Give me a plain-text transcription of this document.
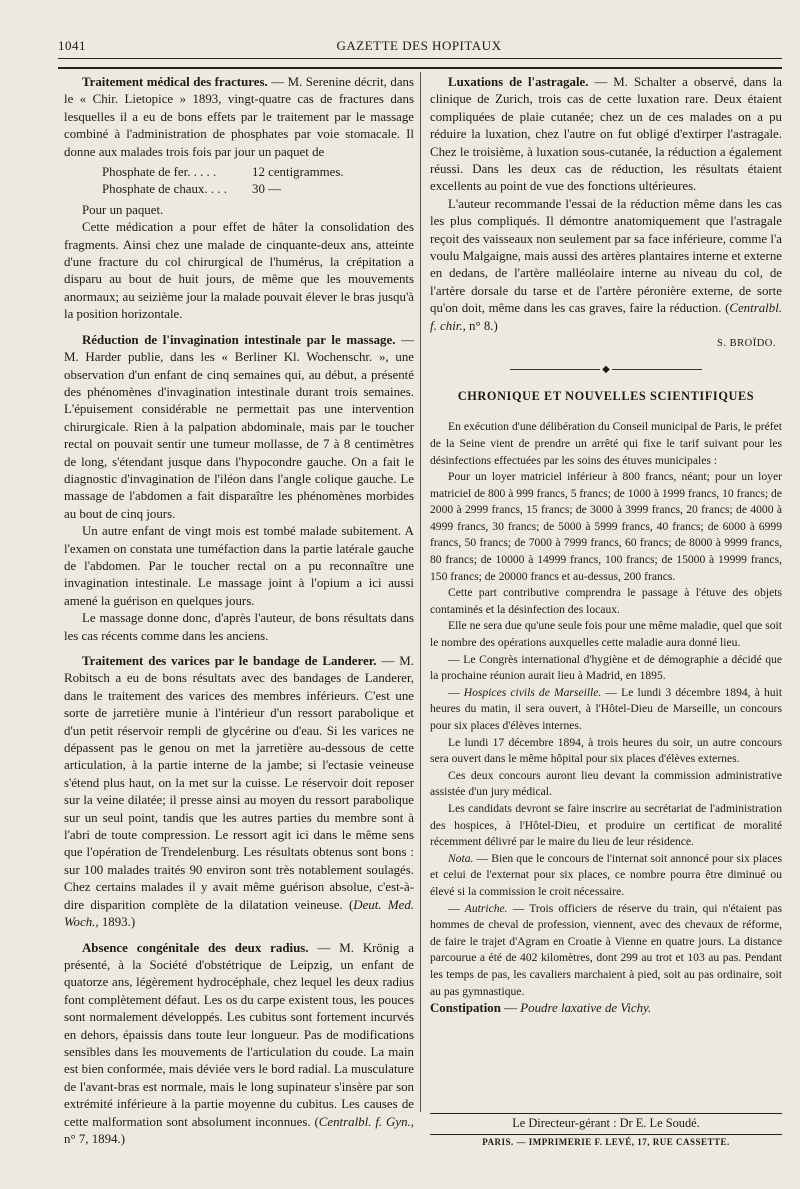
1041	GAZETTE DES HOPITAUX

Traitement médical des fractures. — M. Serenine décrit, dans le « Chir. Lietopice » 1893, vingt-quatre cas de fractures dans lesquelles il a eu de bons effets par le traitement par le massage combiné à l'administration de phosphates par voie stomacale. Il donne aux malades trois fois par jour un paquet de

Phosphate de fer. . . . .	12 centigrammes.
Phosphate de chaux. . . .	30 —

Pour un paquet.

Cette médication a pour effet de hâter la consolidation des fragments. Ainsi chez une malade de cinquante-deux ans, atteinte d'une fracture du col chirurgical de l'humérus, la crépitation a disparu au bout de huit jours, de même que les mouvements anormaux; au seizième jour la malade pouvait élever le bras jusqu'à la position horizontale.

Réduction de l'invagination intestinale par le massage. — M. Harder publie, dans les « Berliner Kl. Wochenschr. », une observation d'un enfant de cinq semaines qui, au début, a présenté des phénomènes d'invagination intestinale durant trois semaines. L'épuisement considérable ne permettait pas une intervention chirurgicale. Rien à la palpation abdominale, mais par le toucher rectal on pouvait sentir une tumeur mollasse, de 7 à 8 centimètres de long, s'étendant jusque dans l'hypocondre gauche. On a fait le diagnostic d'invagination de l'iléon dans l'angle colique gauche. Le massage de l'abdomen a fait disparaître les phénomènes morbides au bout de cinq jours.

Un autre enfant de vingt mois est tombé malade subitement. A l'examen on constata une tuméfaction dans la partie latérale gauche de l'abdomen. Par le toucher rectal on a pu reconnaître une invagination intestinale. Le massage joint à l'opium a ici aussi amené la guérison en quelques jours.

Le massage donne donc, d'après l'auteur, de bons résultats dans les cas récents comme dans les anciens.

Traitement des varices par le bandage de Landerer. — M. Robitsch a eu de bons résultats avec des bandages de Landerer, dans le traitement des varices des membres inférieurs. C'est une sorte de jarretière munie à l'intérieur d'un ressort parabolique et d'un petit réservoir rempli de glycérine ou d'eau. Si les varices ne dépassent pas le genou on met la jarretière au-dessous de cette articulation, à la partie interne de la jambe; si l'ectasie veineuse s'étend plus haut, on la met sur la cuisse. Le réservoir doit reposer sur la veine dilatée; il presse ainsi au moyen du ressort parabolique sur un seul point, tandis que les autres parties du membre sont à l'abri de toute compression. Le ressort agit ici dans le même sens que l'opération de Trendelenburg. Les résultats obtenus sont bons : sur 100 malades traités 90 environ sont très notablement soulagés. Chez certains malades il y avait même guérison absolue, c'est-à-dire disparition complète de la dilatation veineuse. (Deut. Med. Woch., 1893.)

Absence congénitale des deux radius. — M. Krönig a présenté, à la Société d'obstétrique de Leipzig, un enfant de quatorze ans, légèrement hydrocéphale, chez lequel les deux radius font complètement défaut. Les os du carpe existent tous, les pouces sont normalement développés. Les cubitus sont fortement incurvés en dehors, épaissis dans toute leur longueur. Pas de modifications sensibles dans les mouvements de l'articulation du coude. La main est bien conformée, mais déviée vers le bord radial. La musculature de l'avant-bras est normale, mais le long supinateur s'insère par son extrémité inférieure à la partie moyenne du cubitus. Les causes de cette malformation sont absolument inconnues. (Centralbl. f. Gyn., n° 7, 1894.)

Luxations de l'astragale. — M. Schalter a observé, dans la clinique de Zurich, trois cas de cette luxation rare. Deux étaient compliquées de plaie cutanée; chez un de ces malades on a pu réduire la luxation, chez l'autre on fut obligé d'extirper l'astragale. Chez le troisième, à luxation sous-cutanée, la réduction a également réussi. Dans les deux cas de réduction, les résultats étaient excellents au point de vue des fonctions ultérieures.

L'auteur recommande l'essai de la réduction même dans les cas les plus compliqués. Il démontre anatomiquement que l'astragale reçoit des vaisseaux non seulement par sa face inférieure, comme l'a voulu Malgaigne, mais aussi des artères plantaires interne et externe en dedans, de l'artère malléolaire interne au niveau du col, de l'artère dorsale du tarse et de l'artère péronière externe, de sorte qu'on doit, même dans les cas graves, faire la réduction. (Centralbl. f. chir., n° 8.)

S. BROÏDO.
◆
CHRONIQUE ET NOUVELLES SCIENTIFIQUES

En exécution d'une délibération du Conseil municipal de Paris, le préfet de la Seine vient de prendre un arrêté qui fixe le tarif suivant pour les désinfections effectuées par les soins des étuves municipales :

Pour un loyer matriciel inférieur à 800 francs, néant; pour un loyer matriciel de 800 à 999 francs, 5 francs; de 1000 à 1999 francs, 10 francs; de 2000 à 2999 francs, 15 francs; de 3000 à 3999 francs, 20 francs; de 4000 à 4999 francs, 30 francs; de 5000 à 5999 francs, 40 francs; de 6000 à 6999 francs, 50 francs; de 7000 à 7999 francs, 60 francs; de 8000 à 9999 francs, 80 francs; de 10000 à 14999 francs, 100 francs; de 15000 à 19999 francs, 150 francs; de 20000 francs et au-dessus, 200 francs.

Cette part contributive comprendra le passage à l'étuve des objets contaminés et la désinfection des locaux.

Elle ne sera due qu'une seule fois pour une même maladie, quel que soit le nombre des opérations auxquelles cette maladie aura donné lieu.

— Le Congrès international d'hygiène et de démographie a décidé que la prochaine réunion aurait lieu à Madrid, en 1895.

— Hospices civils de Marseille. — Le lundi 3 décembre 1894, à huit heures du matin, il sera ouvert, à l'Hôtel-Dieu de Marseille, un concours pour six places d'élèves internes.

Le lundi 17 décembre 1894, à trois heures du soir, un autre concours sera ouvert dans le même hôpital pour six places d'élèves externes.

Ces deux concours auront lieu devant la commission administrative assistée d'un jury médical.

Les candidats devront se faire inscrire au secrétariat de l'administration des hospices, à l'Hôtel-Dieu, et produire un certificat de moralité récemment délivré par le maire du lieu de leur résidence.

Nota. — Bien que le concours de l'internat soit annoncé pour six places et celui de l'externat pour six places, ce nombre pourra être diminué ou élevé si la commission le croit nécessaire.

— Autriche. — Trois officiers de réserve du train, qui n'étaient pas hommes de cheval de profession, viennent, avec des chevaux de réforme, de faire le trajet d'Agram en Croatie à Vienne en quatre jours. La distance parcourue a été de 402 kilomètres, dont 299 au trot et 103 au pas. Pendant les temps de pas, les cavaliers marchaient à pied, soit au pas ordinaire, soit au pas gymnastique.

Constipation — Poudre laxative de Vichy.

Le Directeur-gérant : Dr E. Le Soudé.
PARIS. — IMPRIMERIE F. LEVÉ, 17, RUE CASSETTE.
